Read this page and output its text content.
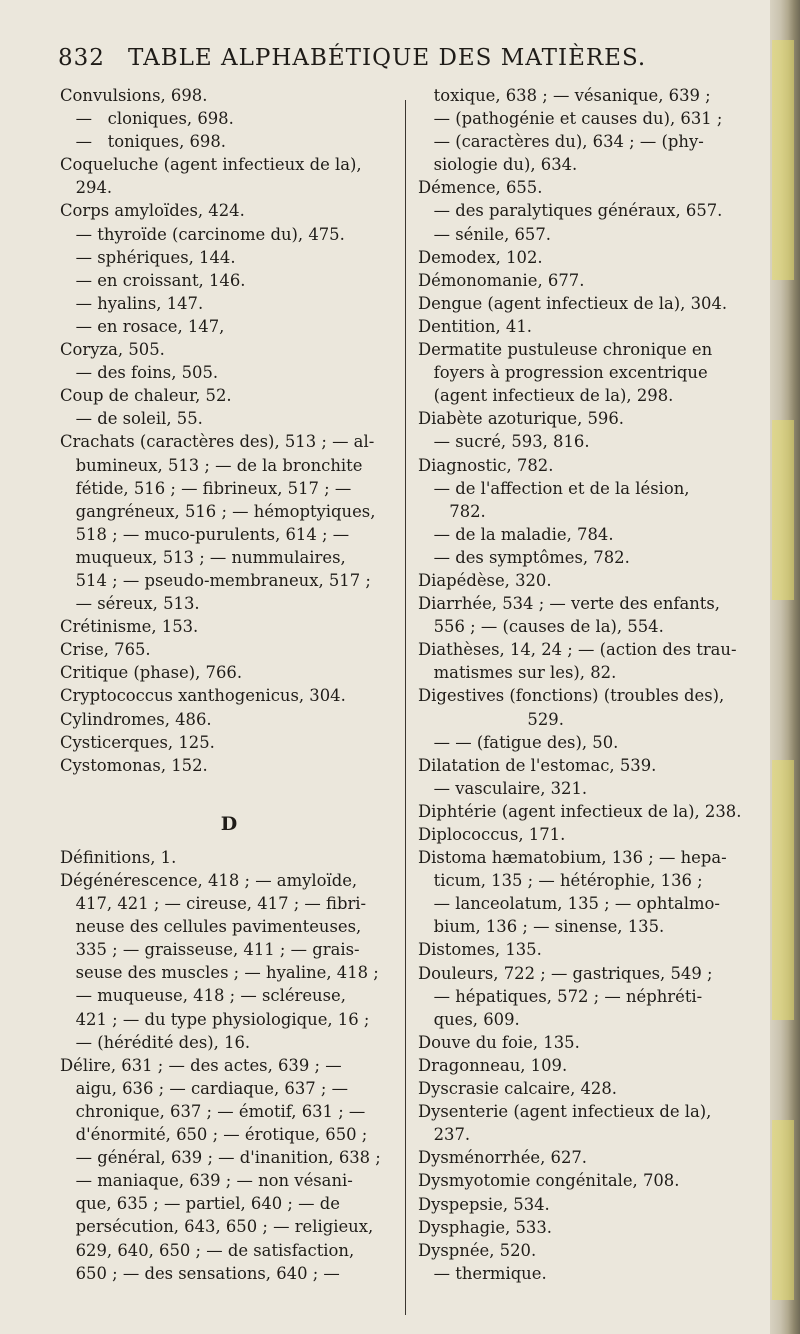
832 TABLE ALPHABÉTIQUE DES MATIÈRES.
Convulsions, 698.
—   cloniques, 698.
—   toniques, 698.
Coqueluche (agent infectieux de la),
294.
Corps amyloïdes, 424.
— thyroïde (carcinome du), 475.
— sphériques, 144.
— en croissant, 146.
— hyalins, 147.
— en rosace, 147,
Coryza, 505.
— des foins, 505.
Coup de chaleur, 52.
— de soleil, 55.
Crachats (caractères des), 513 ; — al-
bumineux, 513 ; — de la bronchite
fétide, 516 ; — fibrineux, 517 ; —
gangréneux, 516 ; — hémoptyiques,
518 ; — muco-purulents, 614 ; —
muqueux, 513 ; — nummulaires,
514 ; — pseudo-membraneux, 517 ;
— séreux, 513.
Crétinisme, 153.
Crise, 765.
Critique (phase), 766.
Cryptococcus xanthogenicus, 304.
Cylindromes, 486.
Cysticerques, 125.
Cystomonas, 152.
D
Définitions, 1.
Dégénérescence, 418 ; — amyloïde,
417, 421 ; — cireuse, 417 ; — fibri-
neuse des cellules pavimenteuses,
335 ; — graisseuse, 411 ; — grais-
seuse des muscles ; — hyaline, 418 ;
— muqueuse, 418 ; — scléreuse,
421 ; — du type physiologique, 16 ;
— (hérédité des), 16.
Délire, 631 ; — des actes, 639 ; —
aigu, 636 ; — cardiaque, 637 ; —
chronique, 637 ; — émotif, 631 ; —
d'énormité, 650 ; — érotique, 650 ;
— général, 639 ; — d'inanition, 638 ;
— maniaque, 639 ; — non vésani-
que, 635 ; — partiel, 640 ; — de
persécution, 643, 650 ; — religieux,
629, 640, 650 ; — de satisfaction,
650 ; — des sensations, 640 ; —
toxique, 638 ; — vésanique, 639 ;
— (pathogénie et causes du), 631 ;
— (caractères du), 634 ; — (phy-
siologie du), 634.
Démence, 655.
— des paralytiques généraux, 657.
— sénile, 657.
Demodex, 102.
Démonomanie, 677.
Dengue (agent infectieux de la), 304.
Dentition, 41.
Dermatite pustuleuse chronique en
foyers à progression excentrique
(agent infectieux de la), 298.
Diabète azoturique, 596.
— sucré, 593, 816.
Diagnostic, 782.
— de l'affection et de la lésion,
782.
— de la maladie, 784.
— des symptômes, 782.
Diapédèse, 320.
Diarrhée, 534 ; — verte des enfants,
556 ; — (causes de la), 554.
Diathèses, 14, 24 ; — (action des trau-
matismes sur les), 82.
Digestives (fonctions) (troubles des),
529.
— — (fatigue des), 50.
Dilatation de l'estomac, 539.
— vasculaire, 321.
Diphtérie (agent infectieux de la), 238.
Diplococcus, 171.
Distoma hæmatobium, 136 ; — hepa-
ticum, 135 ; — hétérophie, 136 ;
— lanceolatum, 135 ; — ophtalmo-
bium, 136 ; — sinense, 135.
Distomes, 135.
Douleurs, 722 ; — gastriques, 549 ;
— hépatiques, 572 ; — néphréti-
ques, 609.
Douve du foie, 135.
Dragonneau, 109.
Dyscrasie calcaire, 428.
Dysenterie (agent infectieux de la),
237.
Dysménorrhée, 627.
Dysmyotomie congénitale, 708.
Dyspepsie, 534.
Dysphagie, 533.
Dyspnée, 520.
— thermique.
